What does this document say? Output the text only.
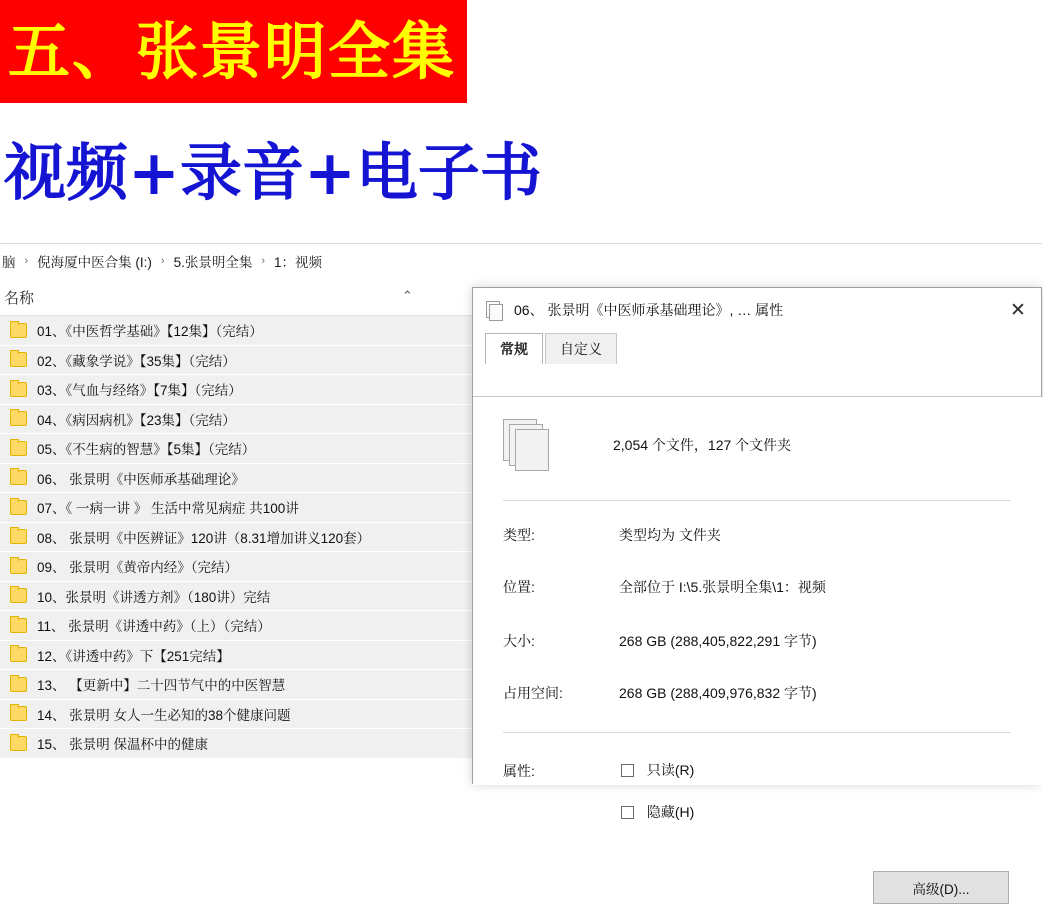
五、张景明全集
视频+录音+电子书
脑 › 倪海厦中医合集 (I:) › 5.张景明全集 › 1：视频
名称	⌃
01、《中医哲学基础》【12集】（完结）
02、《藏象学说》【35集】（完结）
03、《气血与经络》【7集】（完结）
04、《病因病机》【23集】（完结）
05、《不生病的智慧》【5集】（完结）
06、 张景明《中医师承基础理论》
07、《 一病一讲 》 生活中常见病症 共100讲
08、 张景明《中医辨证》120讲（8.31增加讲义120套）
09、 张景明《黄帝内经》（完结）
10、张景明《讲透方剂》（180讲）完结
11、 张景明《讲透中药》（上）（完结）
12、《讲透中药》下【251完结】
13、 【更新中】二十四节气中的中医智慧
14、 张景明 女人一生必知的38个健康问题
15、 张景明 保温杯中的健康
06、 张景明《中医师承基础理论》, … 属性	✕
常规	自定义
2,054 个文件，127 个文件夹
类型:	类型均为 文件夹
位置:	全部位于 I:\5.张景明全集\1：视频
大小:	268 GB (288,405,822,291 字节)
占用空间:	268 GB (288,409,976,832 字节)
属性:	只读(R)
隐藏(H)
高级(D)...
